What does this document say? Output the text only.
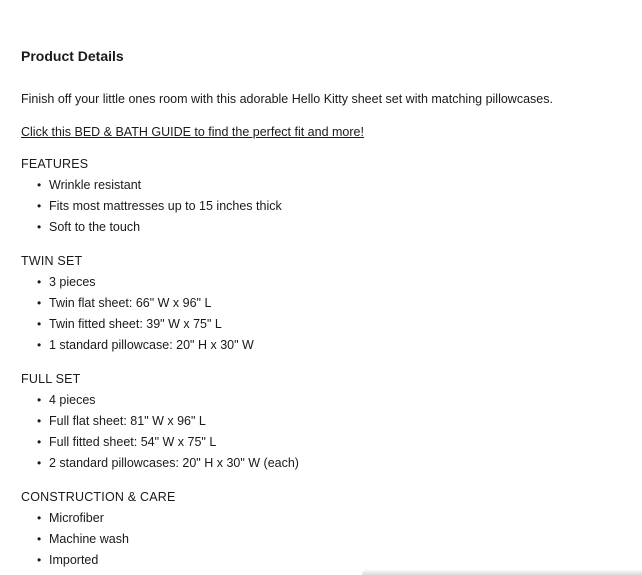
Product Details

Finish off your little ones room with this adorable Hello Kitty sheet set with matching pillowcases.

Click this BED & BATH GUIDE to find the perfect fit and more!
FEATURES
• Wrinkle resistant
• Fits most mattresses up to 15 inches thick
• Soft to the touch
TWIN SET
• 3 pieces
• Twin flat sheet: 66" W x 96" L
• Twin fitted sheet: 39" W x 75" L
• 1 standard pillowcase: 20" H x 30" W
FULL SET
• 4 pieces
• Full flat sheet: 81" W x 96" L
• Full fitted sheet: 54" W x 75" L
• 2 standard pillowcases: 20" H x 30" W (each)
CONSTRUCTION & CARE
• Microfiber
• Machine wash
• Imported
